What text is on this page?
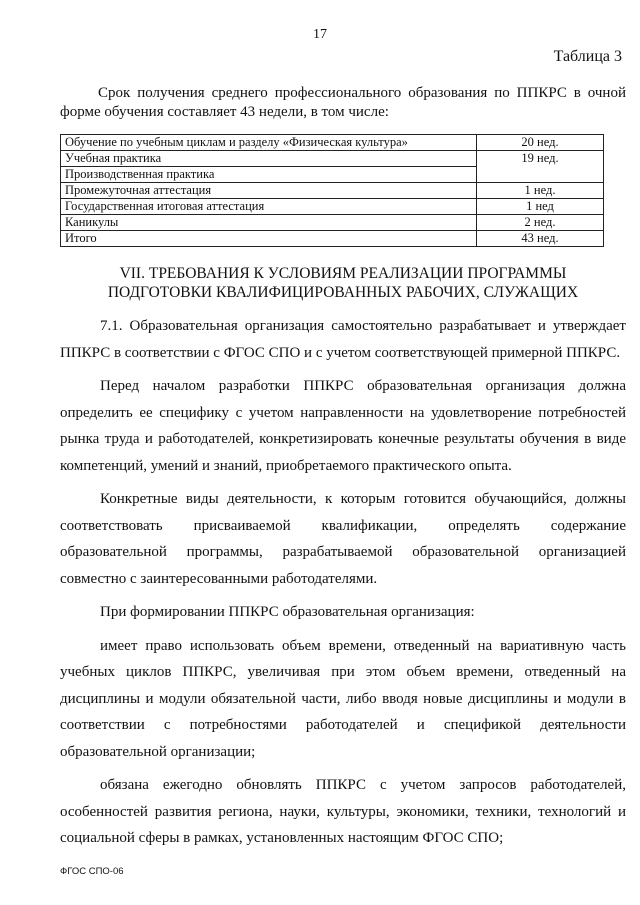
17
Таблица 3
Срок получения среднего профессионального образования по ППКРС в очной форме обучения составляет 43 недели, в том числе:
Обучение по учебным циклам и разделу «Физическая культура»	20 нед.
Учебная практика	19 нед.
Производственная практика	
Промежуточная аттестация	1 нед.
Государственная итоговая аттестация	1 нед
Каникулы	2 нед.
Итого	43 нед.
VII. ТРЕБОВАНИЯ К УСЛОВИЯМ РЕАЛИЗАЦИИ ПРОГРАММЫ
ПОДГОТОВКИ КВАЛИФИЦИРОВАННЫХ РАБОЧИХ, СЛУЖАЩИХ

7.1. Образовательная организация самостоятельно разрабатывает и утверждает ППКРС в соответствии с ФГОС СПО и с учетом соответствующей примерной ППКРС.

Перед началом разработки ППКРС образовательная организация должна определить ее специфику с учетом направленности на удовлетворение потребностей рынка труда и работодателей, конкретизировать конечные результаты обучения в виде компетенций, умений и знаний, приобретаемого практического опыта.

Конкретные виды деятельности, к которым готовится обучающийся, должны соответствовать присваиваемой квалификации, определять содержание образовательной программы, разрабатываемой образовательной организацией совместно с заинтересованными работодателями.

При формировании ППКРС образовательная организация:

имеет право использовать объем времени, отведенный на вариативную часть учебных циклов ППКРС, увеличивая при этом объем времени, отведенный на дисциплины и модули обязательной части, либо вводя новые дисциплины и модули в соответствии с потребностями работодателей и спецификой деятельности образовательной организации;

обязана ежегодно обновлять ППКРС с учетом запросов работодателей, особенностей развития региона, науки, культуры, экономики, техники, технологий и социальной сферы в рамках, установленных настоящим ФГОС СПО;

ФГОС СПО-06
